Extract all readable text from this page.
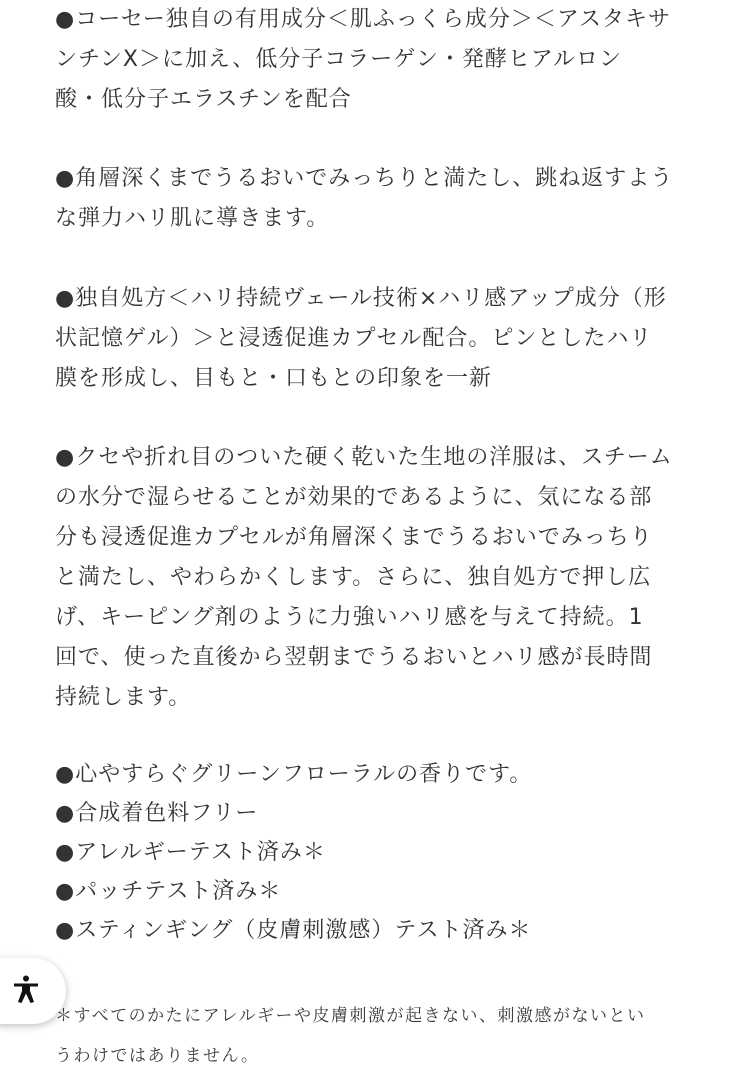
●コーセー独自の有用成分＜肌ふっくら成分＞＜アスタキサ
ンチンX＞に加え、低分子コラーゲン・発酵ヒアルロン
酸・低分子エラスチンを配合

●角層深くまでうるおいでみっちりと満たし、跳ね返すよう
な弾力ハリ肌に導きます。

●独自処方＜ハリ持続ヴェール技術×ハリ感アップ成分（形
状記憶ゲル）＞と浸透促進カプセル配合。ピンとしたハリ
膜を形成し、目もと・口もとの印象を一新

●クセや折れ目のついた硬く乾いた生地の洋服は、スチーム
の水分で湿らせることが効果的であるように、気になる部
分も浸透促進カプセルが角層深くまでうるおいでみっちり
と満たし、やわらかくします。さらに、独自処方で押し広
げ、キーピング剤のように力強いハリ感を与えて持続。1
回で、使った直後から翌朝までうるおいとハリ感が長時間
持続します。

●心やすらぐグリーンフローラルの香りです。
●合成着色料フリー
●アレルギーテスト済み＊
●パッチテスト済み＊
●スティンギング（皮膚刺激感）テスト済み＊

＊すべてのかたにアレルギーや皮膚刺激が起きない、刺激感がないとい
うわけではありません。
